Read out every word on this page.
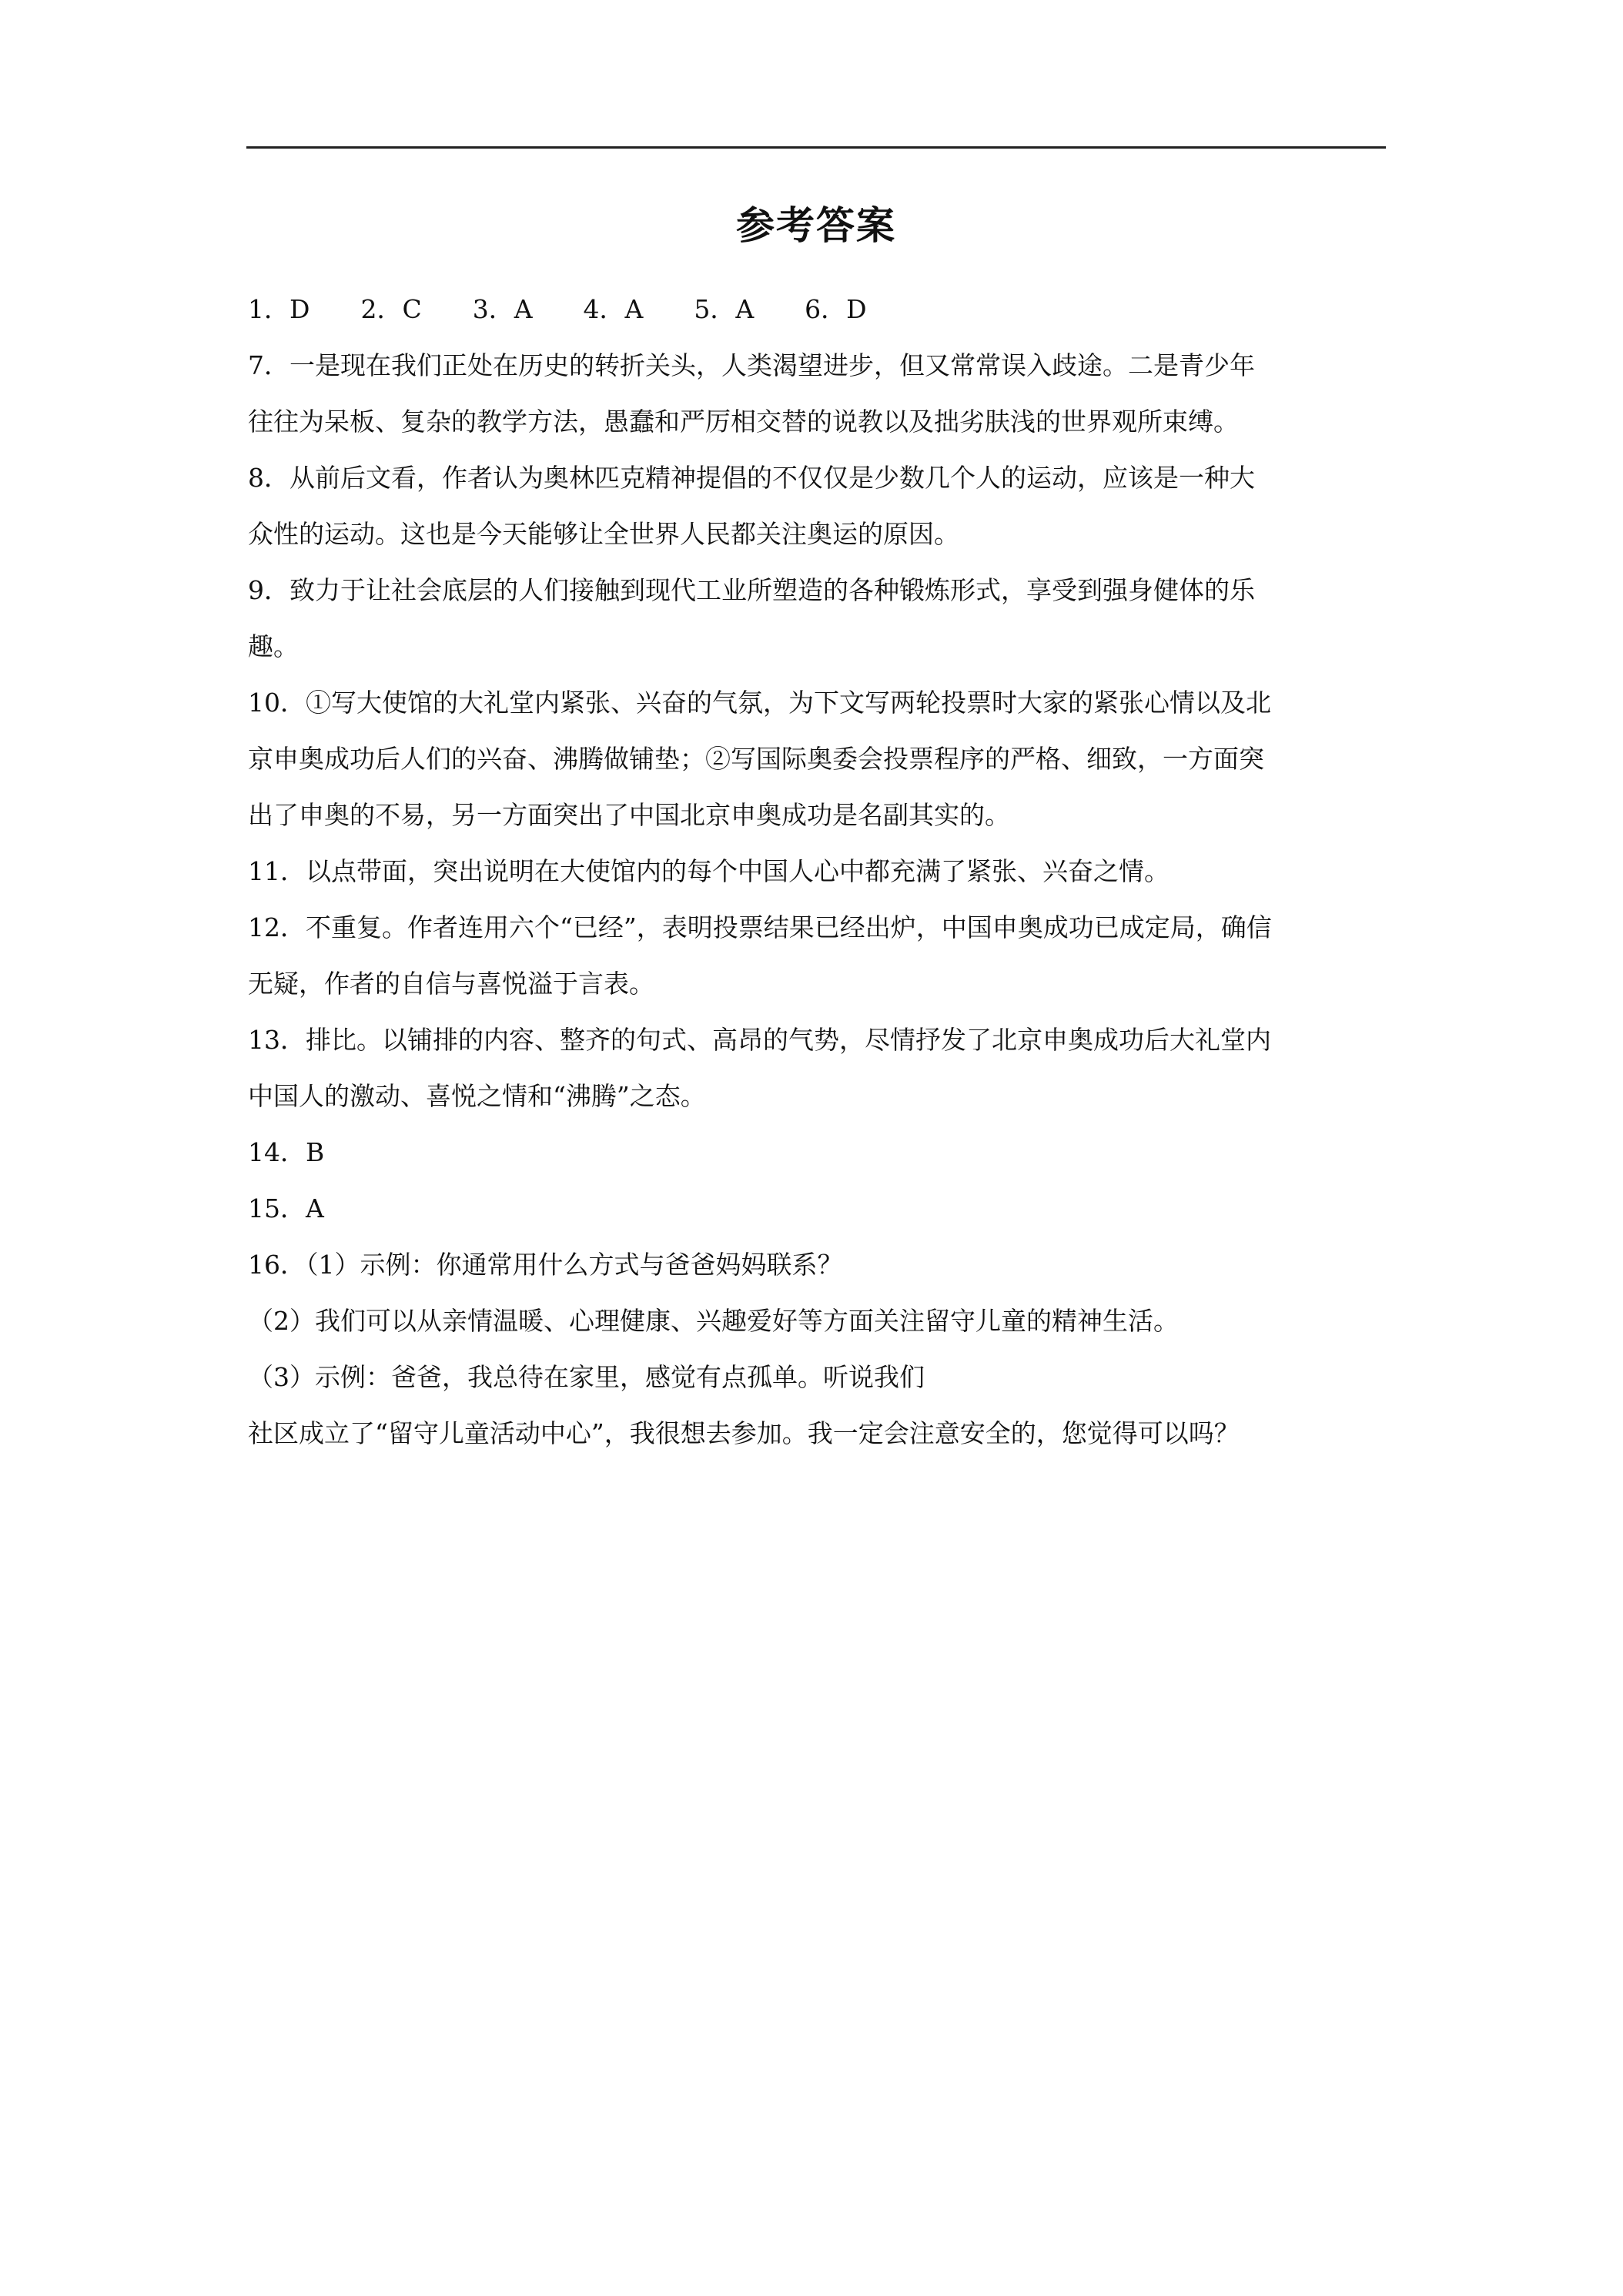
参考答案
1．D　　2．C　　3．A　　4．A　　5．A　　6．D
7．一是现在我们正处在历史的转折关头，人类渴望进步，但又常常误入歧途。二是青少年
往往为呆板、复杂的教学方法，愚蠢和严厉相交替的说教以及拙劣肤浅的世界观所束缚。
8．从前后文看，作者认为奥林匹克精神提倡的不仅仅是少数几个人的运动，应该是一种大
众性的运动。这也是今天能够让全世界人民都关注奥运的原因。
9．致力于让社会底层的人们接触到现代工业所塑造的各种锻炼形式，享受到强身健体的乐
趣。
10．①写大使馆的大礼堂内紧张、兴奋的气氛，为下文写两轮投票时大家的紧张心情以及北
京申奥成功后人们的兴奋、沸腾做铺垫；②写国际奥委会投票程序的严格、细致，一方面突
出了申奥的不易，另一方面突出了中国北京申奥成功是名副其实的。
11．以点带面，突出说明在大使馆内的每个中国人心中都充满了紧张、兴奋之情。
12．不重复。作者连用六个“已经”，表明投票结果已经出炉，中国申奥成功已成定局，确信
无疑，作者的自信与喜悦溢于言表。
13．排比。以铺排的内容、整齐的句式、高昂的气势，尽情抒发了北京申奥成功后大礼堂内
中国人的激动、喜悦之情和“沸腾”之态。
14．B
15．A
16．（1）示例：你通常用什么方式与爸爸妈妈联系？
（2）我们可以从亲情温暖、心理健康、兴趣爱好等方面关注留守儿童的精神生活。
（3）示例：爸爸，我总待在家里，感觉有点孤单。听说我们
社区成立了“留守儿童活动中心”，我很想去参加。我一定会注意安全的，您觉得可以吗？
